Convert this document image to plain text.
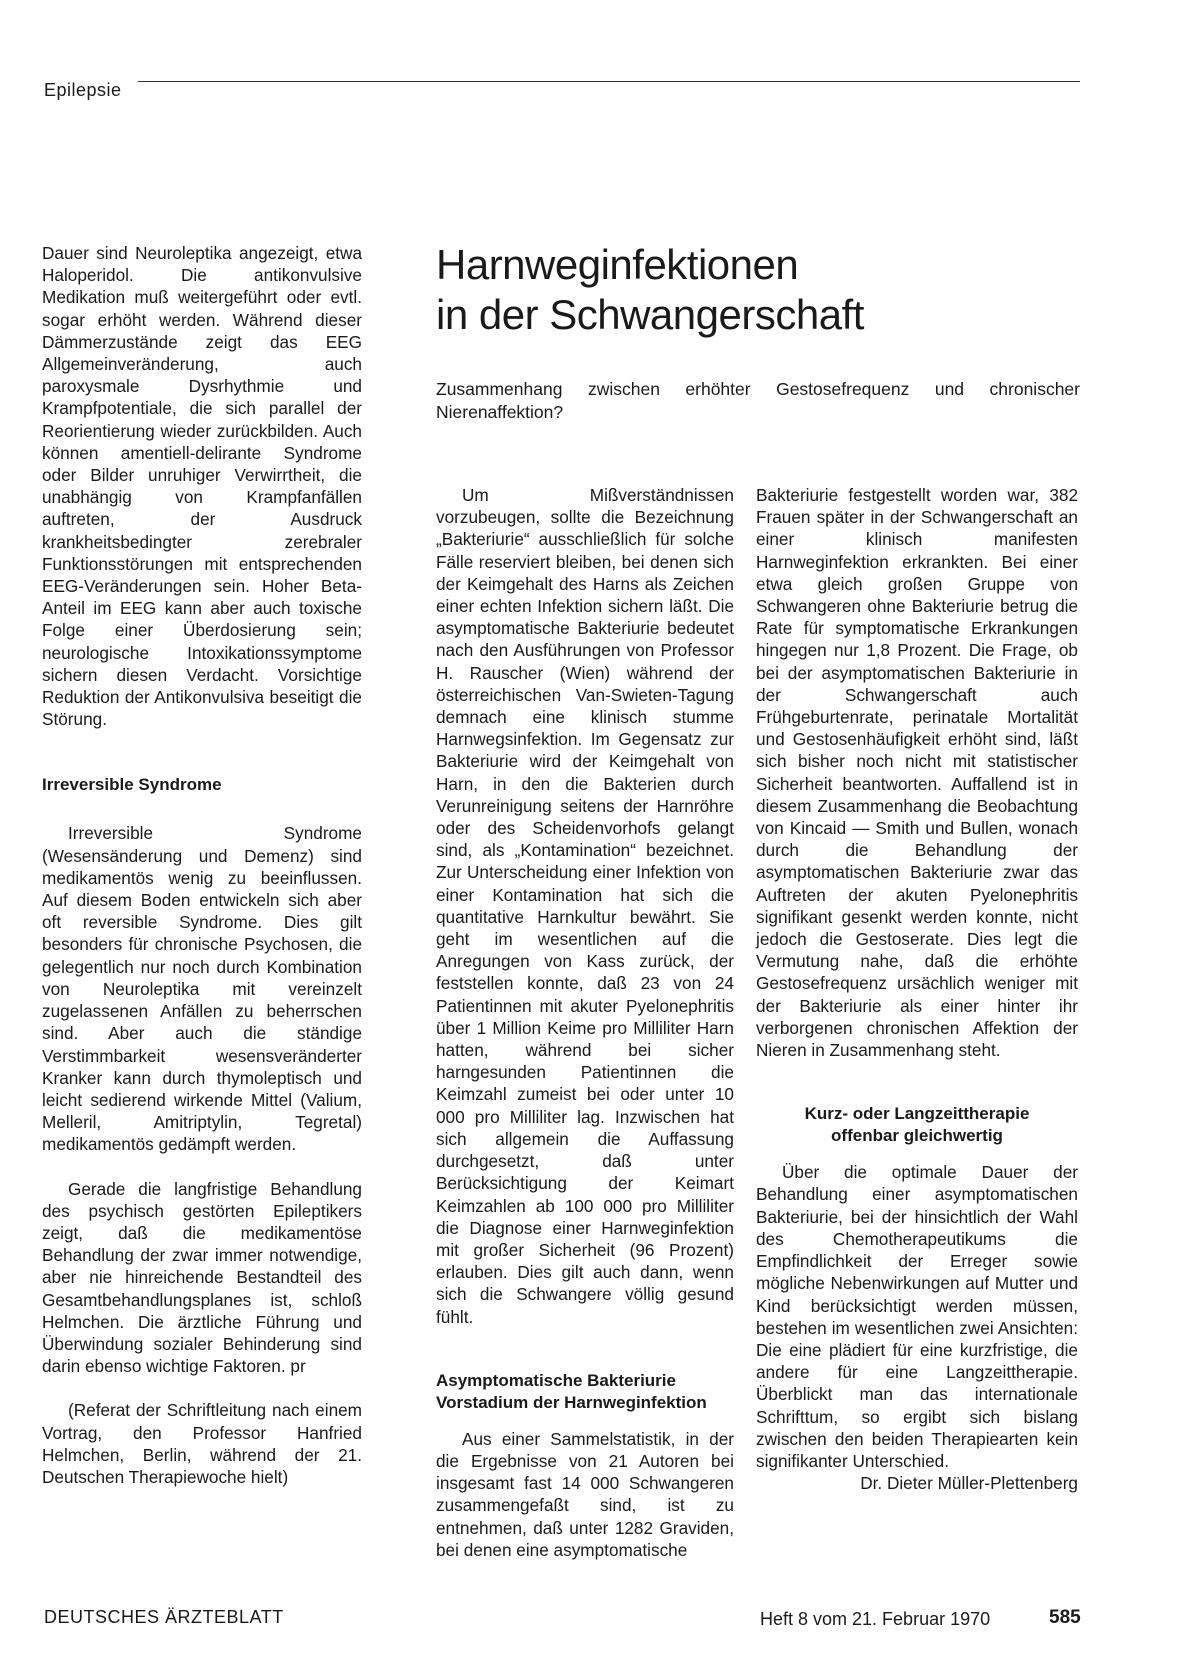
Epilepsie

Dauer sind Neuroleptika angezeigt, etwa Haloperidol. Die antikonvulsive Medikation muß weitergeführt oder evtl. sogar erhöht werden. Während dieser Dämmerzustände zeigt das EEG Allgemeinveränderung, auch paroxysmale Dysrhythmie und Krampfpotentiale, die sich parallel der Reorientierung wieder zurückbilden. Auch können amentiell-delirante Syndrome oder Bilder unruhiger Verwirrtheit, die unabhängig von Krampfanfällen auftreten, der Ausdruck krankheitsbedingter zerebraler Funktionsstörungen mit entsprechenden EEG-Veränderungen sein. Hoher Beta-Anteil im EEG kann aber auch toxische Folge einer Überdosierung sein; neurologische Intoxikationssymptome sichern diesen Verdacht. Vorsichtige Reduktion der Antikonvulsiva beseitigt die Störung.

Irreversible Syndrome

Irreversible Syndrome (Wesensänderung und Demenz) sind medikamentös wenig zu beeinflussen. Auf diesem Boden entwickeln sich aber oft reversible Syndrome. Dies gilt besonders für chronische Psychosen, die gelegentlich nur noch durch Kombination von Neuroleptika mit vereinzelt zugelassenen Anfällen zu beherrschen sind. Aber auch die ständige Verstimmbarkeit wesensveränderter Kranker kann durch thymoleptisch und leicht sedierend wirkende Mittel (Valium, Melleril, Amitriptylin, Tegretal) medikamentös gedämpft werden.

Gerade die langfristige Behandlung des psychisch gestörten Epileptikers zeigt, daß die medikamentöse Behandlung der zwar immer notwendige, aber nie hinreichende Bestandteil des Gesamtbehandlungsplanes ist, schloß Helmchen. Die ärztliche Führung und Überwindung sozialer Behinderung sind darin ebenso wichtige Faktoren. pr

(Referat der Schriftleitung nach einem Vortrag, den Professor Hanfried Helmchen, Berlin, während der 21. Deutschen Therapiewoche hielt)

Harnweginfektionen
in der Schwangerschaft

Zusammenhang zwischen erhöhter Gestosefrequenz und chronischer Nierenaffektion?

Um Mißverständnissen vorzubeugen, sollte die Bezeichnung „Bakteriurie“ ausschließlich für solche Fälle reserviert bleiben, bei denen sich der Keimgehalt des Harns als Zeichen einer echten Infektion sichern läßt. Die asymptomatische Bakteriurie bedeutet nach den Ausführungen von Professor H. Rauscher (Wien) während der österreichischen Van-Swieten-Tagung demnach eine klinisch stumme Harnwegsinfektion. Im Gegensatz zur Bakteriurie wird der Keimgehalt von Harn, in den die Bakterien durch Verunreinigung seitens der Harnröhre oder des Scheidenvorhofs gelangt sind, als „Kontamination“ bezeichnet. Zur Unterscheidung einer Infektion von einer Kontamination hat sich die quantitative Harnkultur bewährt. Sie geht im wesentlichen auf die Anregungen von Kass zurück, der feststellen konnte, daß 23 von 24 Patientinnen mit akuter Pyelonephritis über 1 Million Keime pro Milliliter Harn hatten, während bei sicher harngesunden Patientinnen die Keimzahl zumeist bei oder unter 10 000 pro Milliliter lag. Inzwischen hat sich allgemein die Auffassung durchgesetzt, daß unter Berücksichtigung der Keimart Keimzahlen ab 100 000 pro Milliliter die Diagnose einer Harnweginfektion mit großer Sicherheit (96 Prozent) erlauben. Dies gilt auch dann, wenn sich die Schwangere völlig gesund fühlt.

Asymptomatische Bakteriurie
Vorstadium der Harnweginfektion

Aus einer Sammelstatistik, in der die Ergebnisse von 21 Autoren bei insgesamt fast 14 000 Schwangeren zusammengefaßt sind, ist zu entnehmen, daß unter 1282 Graviden, bei denen eine asymptomatische

Bakteriurie festgestellt worden war, 382 Frauen später in der Schwangerschaft an einer klinisch manifesten Harnweginfektion erkrankten. Bei einer etwa gleich großen Gruppe von Schwangeren ohne Bakteriurie betrug die Rate für symptomatische Erkrankungen hingegen nur 1,8 Prozent. Die Frage, ob bei der asymptomatischen Bakteriurie in der Schwangerschaft auch Frühgeburtenrate, perinatale Mortalität und Gestosenhäufigkeit erhöht sind, läßt sich bisher noch nicht mit statistischer Sicherheit beantworten. Auffallend ist in diesem Zusammenhang die Beobachtung von Kincaid — Smith und Bullen, wonach durch die Behandlung der asymptomatischen Bakteriurie zwar das Auftreten der akuten Pyelonephritis signifikant gesenkt werden konnte, nicht jedoch die Gestoserate. Dies legt die Vermutung nahe, daß die erhöhte Gestosefrequenz ursächlich weniger mit der Bakteriurie als einer hinter ihr verborgenen chronischen Affektion der Nieren in Zusammenhang steht.

Kurz- oder Langzeittherapie
offenbar gleichwertig

Über die optimale Dauer der Behandlung einer asymptomatischen Bakteriurie, bei der hinsichtlich der Wahl des Chemotherapeutikums die Empfindlichkeit der Erreger sowie mögliche Nebenwirkungen auf Mutter und Kind berücksichtigt werden müssen, bestehen im wesentlichen zwei Ansichten: Die eine plädiert für eine kurzfristige, die andere für eine Langzeittherapie. Überblickt man das internationale Schrifttum, so ergibt sich bislang zwischen den beiden Therapiearten kein signifikanter Unterschied.

Dr. Dieter Müller-Plettenberg

DEUTSCHES ÄRZTEBLATT	Heft 8 vom 21. Februar 1970	585
